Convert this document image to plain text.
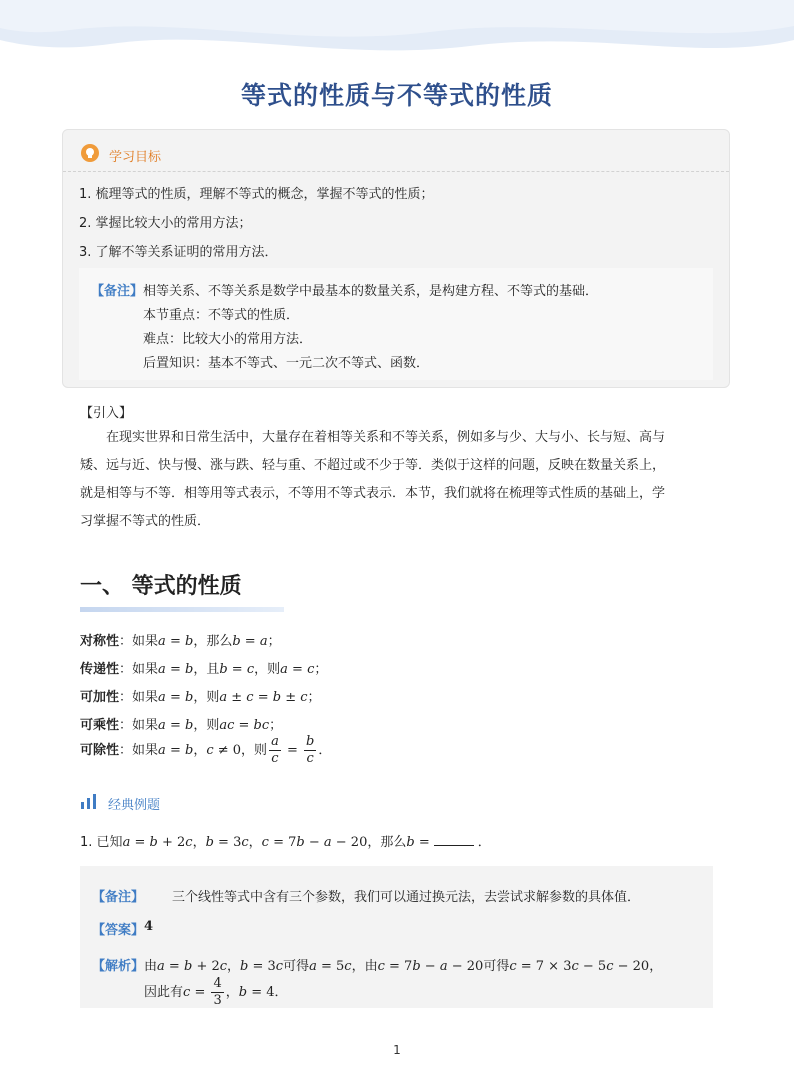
等式的性质与不等式的性质
学习目标
1. 梳理等式的性质，理解不等式的概念，掌握不等式的性质；
2. 掌握比较大小的常用方法；
3. 了解不等关系证明的常用方法．
【备注】 相等关系、不等关系是数学中最基本的数量关系，是构建方程、不等式的基础．
本节重点：不等式的性质．
难点：比较大小的常用方法．
后置知识：基本不等式、一元二次不等式、函数．
【引入】
在现实世界和日常生活中，大量存在着相等关系和不等关系，例如多与少、大与小、长与短、高与
矮、远与近、快与慢、涨与跌、轻与重、不超过或不少于等．类似于这样的问题，反映在数量关系上，
就是相等与不等．相等用等式表示，不等用不等式表示．本节，我们就将在梳理等式性质的基础上，学
习掌握不等式的性质．
一、 等式的性质
对称性：如果a = b，那么b = a；
传递性：如果a = b，且b = c，则a = c；
可加性：如果a = b，则a ± c = b ± c；
可乘性：如果a = b，则ac = bc；
可除性：如果a = b，c ≠ 0，则 $\frac{a}{c} = \frac{b}{c}$ ．
经典例题
1. 已知a = b + 2c，b = 3c，c = 7b − a − 20，那么b =	．
【备注】 三个线性等式中含有三个参数，我们可以通过换元法，去尝试求解参数的具体值．
【答案】 4
【解析】 由a = b + 2c，b = 3c可得a = 5c，由c = 7b − a − 20可得c = 7 × 3c − 5c − 20，
因此有$c = \frac{4}{3}$ ，b = 4．
1
